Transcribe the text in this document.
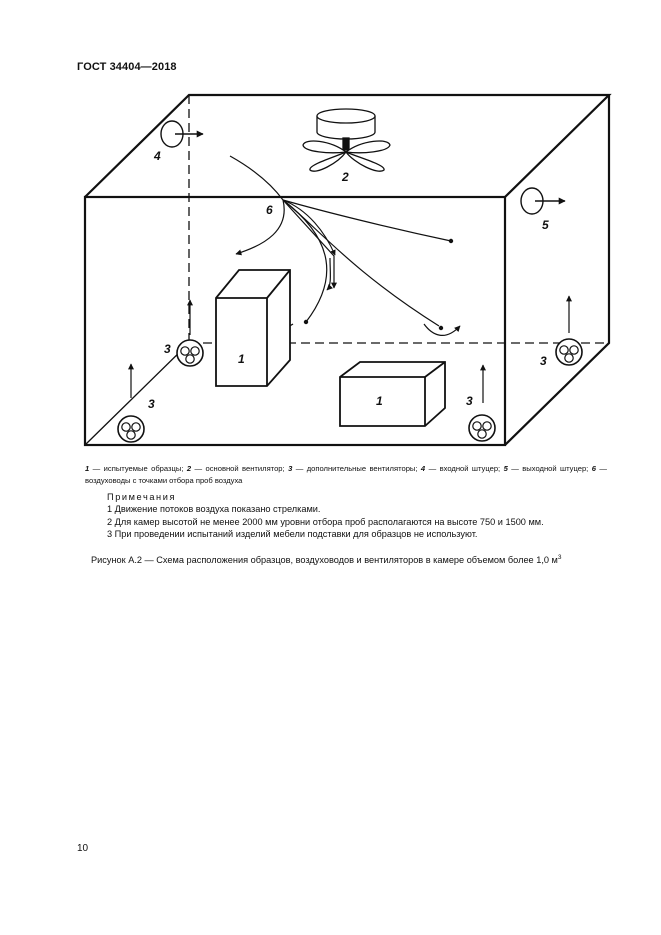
ГОСТ 34404—2018
1
1
2
3
3	3
3
4
5
6
1 — испытуемые образцы; 2 — основной вентилятор; 3 — дополнительные вентиляторы; 4 — входной штуцер; 5 — выходной штуцер; 6 — воздуховоды с точками отбора проб воздуха
Примечания
1 Движение потоков воздуха показано стрелками.
2 Для камер высотой не менее 2000 мм уровни отбора проб располагаются на высоте 750 и 1500 мм.
3 При проведении испытаний изделий мебели подставки для образцов не используют.
Рисунок А.2 — Схема расположения образцов, воздуховодов и вентиляторов в камере объемом более 1,0 $м^3$
10
